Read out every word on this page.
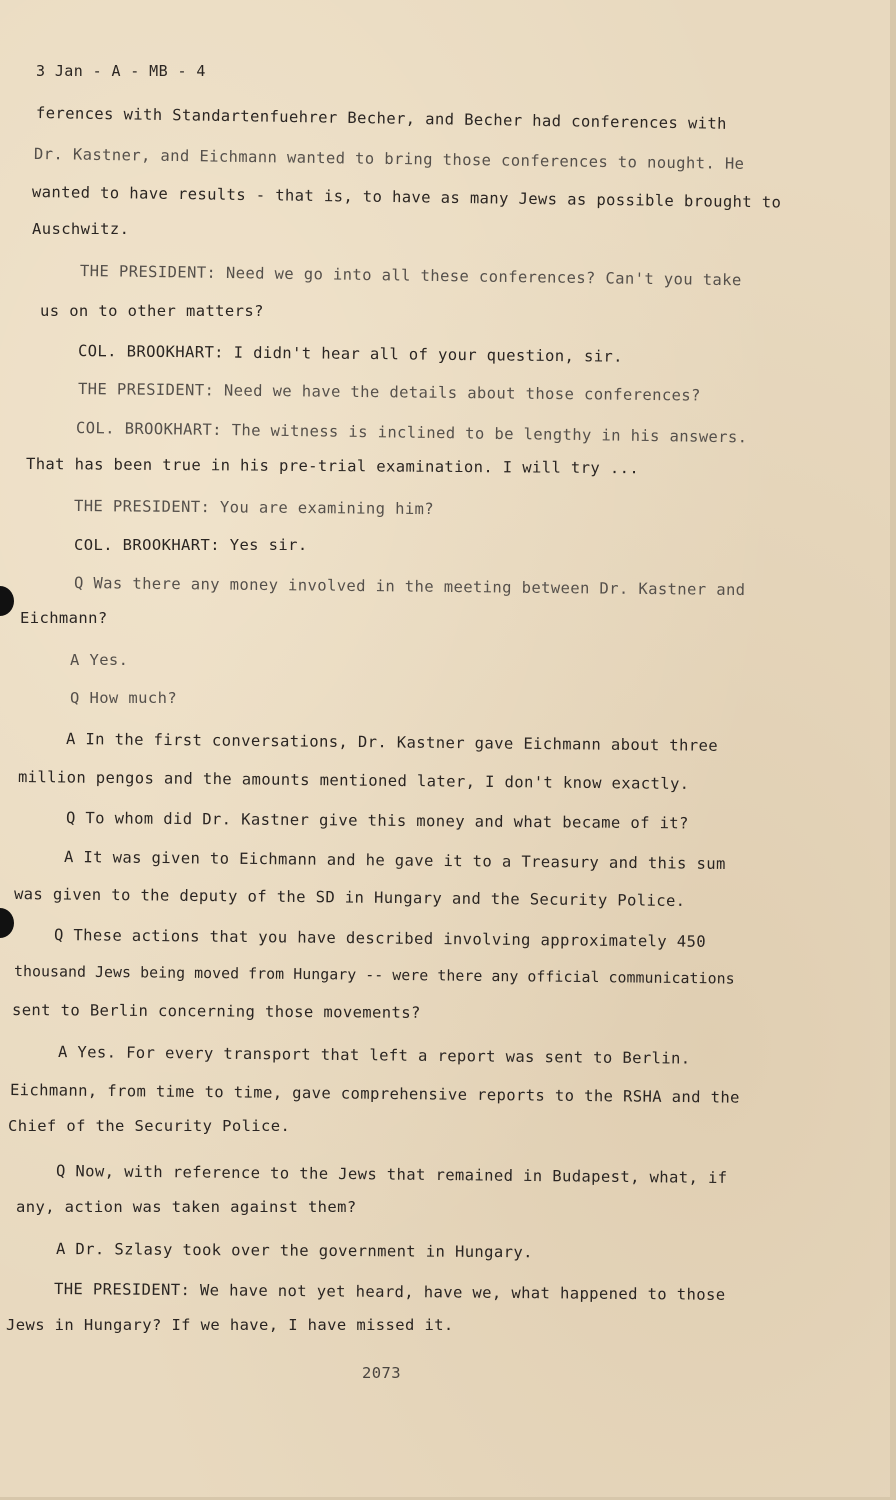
3 Jan - A - MB - 4
ferences with Standartenfuehrer Becher, and Becher had conferences with
Dr. Kastner, and Eichmann wanted to bring those conferences to nought. He
wanted to have results - that is, to have as many Jews as possible brought to
Auschwitz.
THE PRESIDENT: Need we go into all these conferences? Can't you take
us on to other matters?
COL. BROOKHART: I didn't hear all of your question, sir.
THE PRESIDENT: Need we have the details about those conferences?
COL. BROOKHART: The witness is inclined to be lengthy in his answers.
That has been true in his pre-trial examination. I will try ...
THE PRESIDENT: You are examining him?
COL. BROOKHART: Yes sir.
Q Was there any money involved in the meeting between Dr. Kastner and
Eichmann?
A Yes.
Q How much?
A In the first conversations, Dr. Kastner gave Eichmann about three
million pengos and the amounts mentioned later, I don't know exactly.
Q To whom did Dr. Kastner give this money and what became of it?
A It was given to Eichmann and he gave it to a Treasury and this sum
was given to the deputy of the SD in Hungary and the Security Police.
Q These actions that you have described involving approximately 450
thousand Jews being moved from Hungary -- were there any official communications
sent to Berlin concerning those movements?
A Yes. For every transport that left a report was sent to Berlin.
Eichmann, from time to time, gave comprehensive reports to the RSHA and the
Chief of the Security Police.
Q Now, with reference to the Jews that remained in Budapest, what, if
any, action was taken against them?
A Dr. Szlasy took over the government in Hungary.
THE PRESIDENT: We have not yet heard, have we, what happened to those
Jews in Hungary? If we have, I have missed it.
2073
